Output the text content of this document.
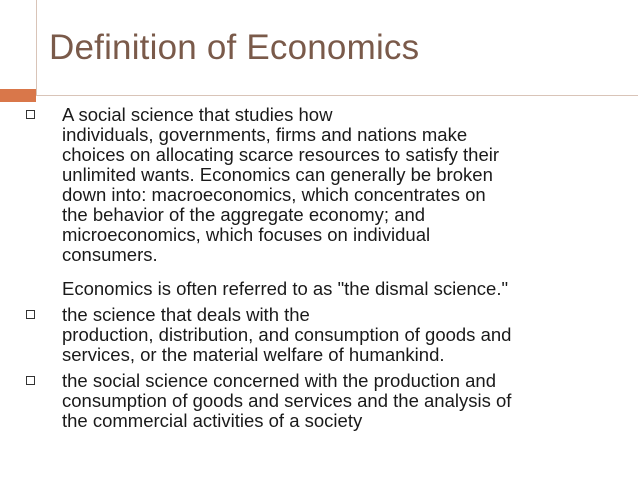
Definition of Economics
A social science that studies how
individuals, governments, firms and nations make
choices on allocating scarce resources to satisfy their
unlimited wants. Economics can generally be broken
down into: macroeconomics, which concentrates on
the behavior of the aggregate economy; and
microeconomics, which focuses on individual
consumers.
Economics is often referred to as "the dismal science."
the science that deals with the
production, distribution, and consumption of goods and
services, or the material welfare of humankind.
the social science concerned with the production and
consumption of goods and services and the analysis of
the commercial activities of a society
